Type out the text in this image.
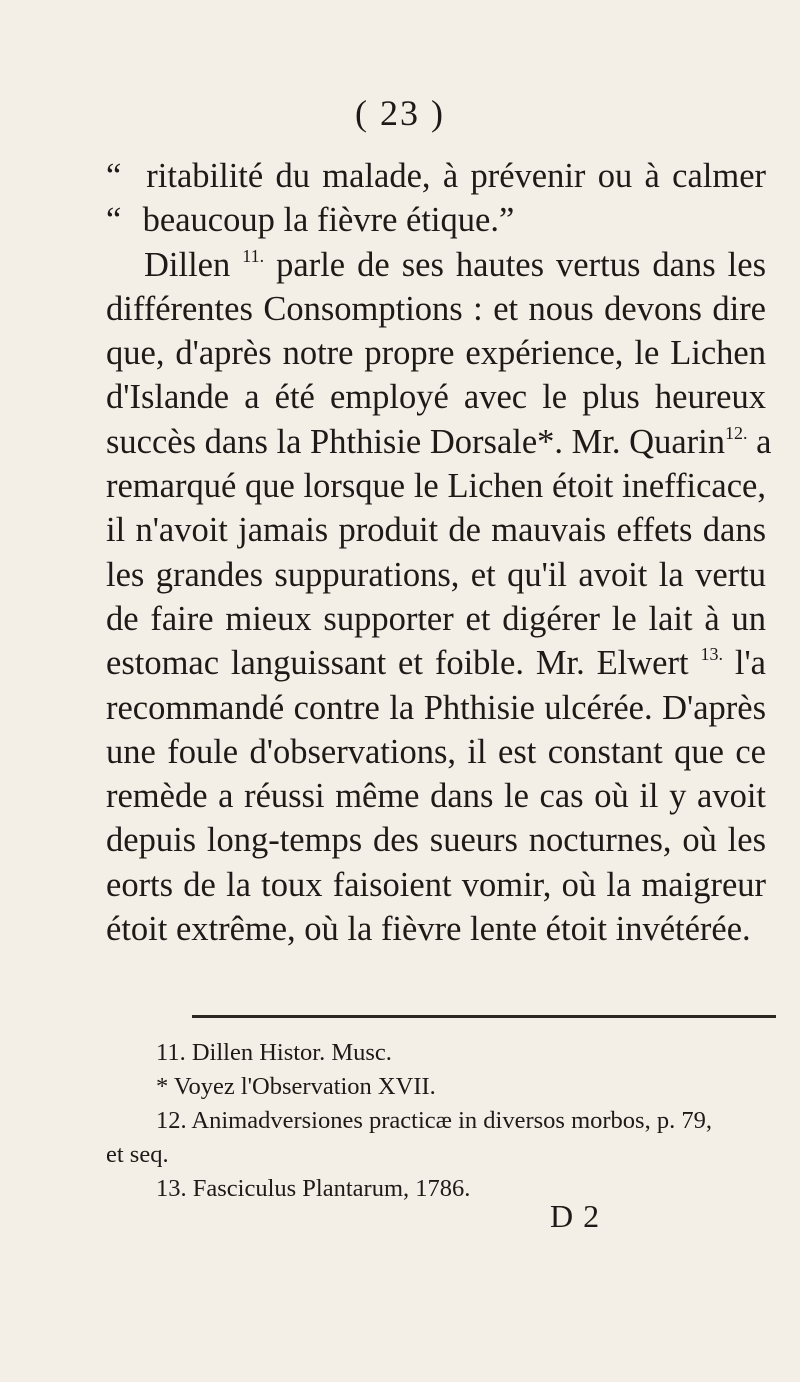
( 23 )
“ ritabilité du malade, à prévenir ou à calmer
“ beaucoup la fièvre étique.”
Dillen $^{11.}$ parle de ses hautes vertus dans les
différentes Consomptions : et nous devons dire
que, d'après notre propre expérience, le Lichen
d'Islande a été employé avec le plus heureux
succès dans la Phthisie Dorsale*. Mr. Quarin$^{12.}$ a
remarqué que lorsque le Lichen étoit inefficace,
il n'avoit jamais produit de mauvais effets dans
les grandes suppurations, et qu'il avoit la vertu
de faire mieux supporter et digérer le lait à un
estomac languissant et foible. Mr. Elwert $^{13.}$ l'a
recommandé contre la Phthisie ulcérée. D'après
une foule d'observations, il est constant que ce
remède a réussi même dans le cas où il y avoit
depuis long-temps des sueurs nocturnes, où les
eorts de la toux faisoient vomir, où la maigreur
étoit extrême, où la fièvre lente étoit invétérée.
11. Dillen Histor. Musc.
* Voyez l'Observation XVII.
12. Animadversiones practicæ in diversos morbos, p. 79,
et seq.
13. Fasciculus Plantarum, 1786.
D 2
